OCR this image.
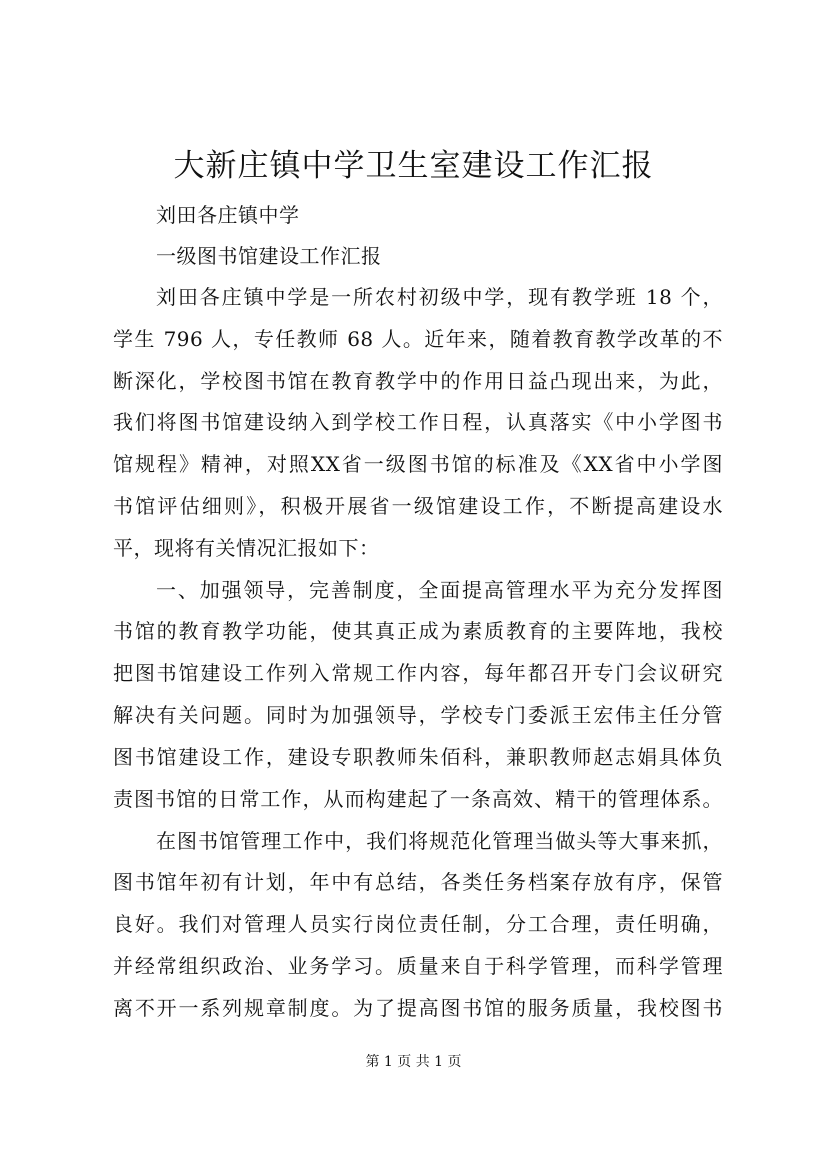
大新庄镇中学卫生室建设工作汇报
刘田各庄镇中学
一级图书馆建设工作汇报
刘田各庄镇中学是一所农村初级中学，现有教学班 18 个，
学生 796 人，专任教师 68 人。近年来，随着教育教学改革的不
断深化，学校图书馆在教育教学中的作用日益凸现出来，为此，
我们将图书馆建设纳入到学校工作日程，认真落实《中小学图书
馆规程》精神，对照XX省一级图书馆的标准及《XX省中小学图
书馆评估细则》，积极开展省一级馆建设工作，不断提高建设水
平，现将有关情况汇报如下：
一、加强领导，完善制度，全面提高管理水平为充分发挥图
书馆的教育教学功能，使其真正成为素质教育的主要阵地，我校
把图书馆建设工作列入常规工作内容，每年都召开专门会议研究
解决有关问题。同时为加强领导，学校专门委派王宏伟主任分管
图书馆建设工作，建设专职教师朱佰科，兼职教师赵志娟具体负
责图书馆的日常工作，从而构建起了一条高效、精干的管理体系。
在图书馆管理工作中，我们将规范化管理当做头等大事来抓，
图书馆年初有计划，年中有总结，各类任务档案存放有序，保管
良好。我们对管理人员实行岗位责任制，分工合理，责任明确，
并经常组织政治、业务学习。质量来自于科学管理，而科学管理
离不开一系列规章制度。为了提高图书馆的服务质量，我校图书
第 1 页 共 1 页
